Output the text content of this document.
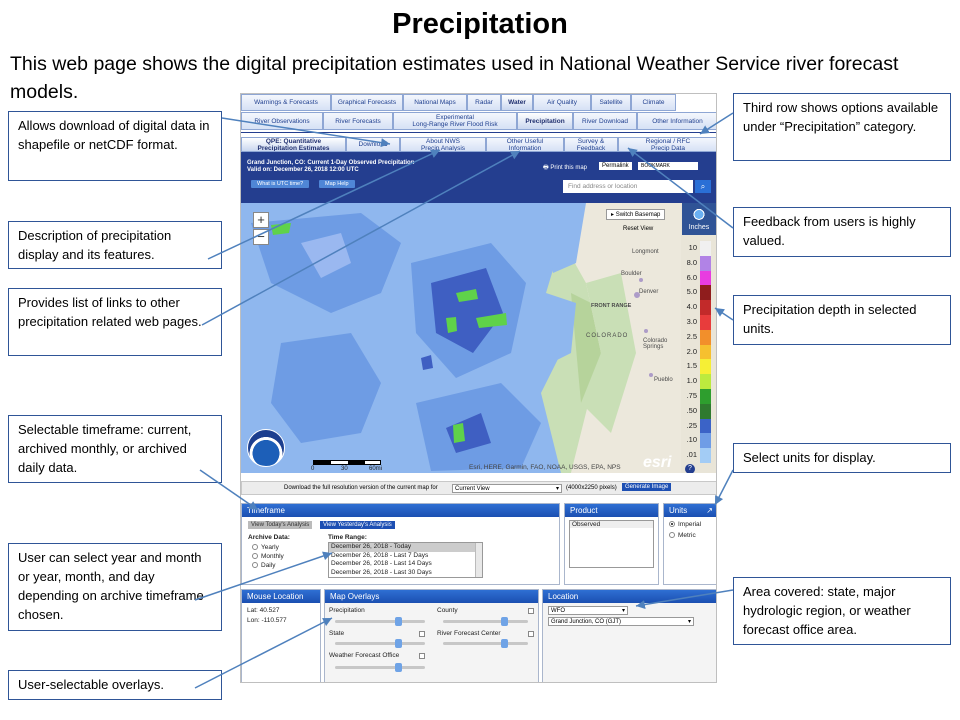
Precipitation
This web page shows the digital precipitation estimates used in National Weather Service river forecast models.	Warnings & Forecasts	Graphical Forecasts	National Maps	Radar	Water	Air Quality	Satellite	Climate
River Observations	River Forecasts	Experimental
Long-Range River Flood Risk	Precipitation	River Download	Other Information
QPE: Quantitative
Precipitation Estimates	Download	About NWS
Precip Analysis
Other Useful
Information
Survey &
Feedback
Regional / RFC
Precip Data
Grand Junction, CO: Current 1-Day Observed Precipitation
Valid on: December 26, 2018 12:00 UTC
What is UTC time?	Map Help
🖶 Print this map	Permalink	BOOKMARK
Find address or location	⌕
Longmont
Boulder
Denver
FRONT RANGE
COLORADO
Colorado Springs
Pueblo
+
−
▸ Switch Basemap
Reset View	Inches
10
8.0
6.0
5.0
4.0
3.0
2.5
2.0
1.5
1.0
.75
.50
.25
.10
.01
?
0	30	60mi	Esri, HERE, Garmin, FAO, NOAA, USGS, EPA, NPS esri
Download the full resolution version of the current map for	Current View	▾ (4000x2250 pixels)	Generate Image
Timeframe
View Today's Analysis	View Yesterday's Analysis
Archive Data:
Yearly
Monthly
Daily
Time Range:
December 26, 2018 - Today
December 26, 2018 - Last 7 Days
December 26, 2018 - Last 14 Days
December 26, 2018 - Last 30 Days
Product
Observed
Units ↗
Imperial
Metric
Mouse Location
Lat: 40.527
Lon: -110.577
Map Overlays
Precipitation	County
State	River Forecast Center
Weather Forecast Office
Location
WFO	▾
Grand Junction, CO (GJT)	▾
Allows download of digital data in shapefile or netCDF format.
Description of precipitation display and its features.
Provides list of links to other precipitation related web pages.
Selectable timeframe: current, archived monthly, or archived daily data.
User can select year and month or year, month, and day depending on archive timeframe chosen.
User-selectable overlays.
Third row shows options available under “Precipitation” category.
Feedback from users is highly valued.
Precipitation depth in selected units.
Select units for display.
Area covered: state, major hydrologic region, or weather forecast office area.
